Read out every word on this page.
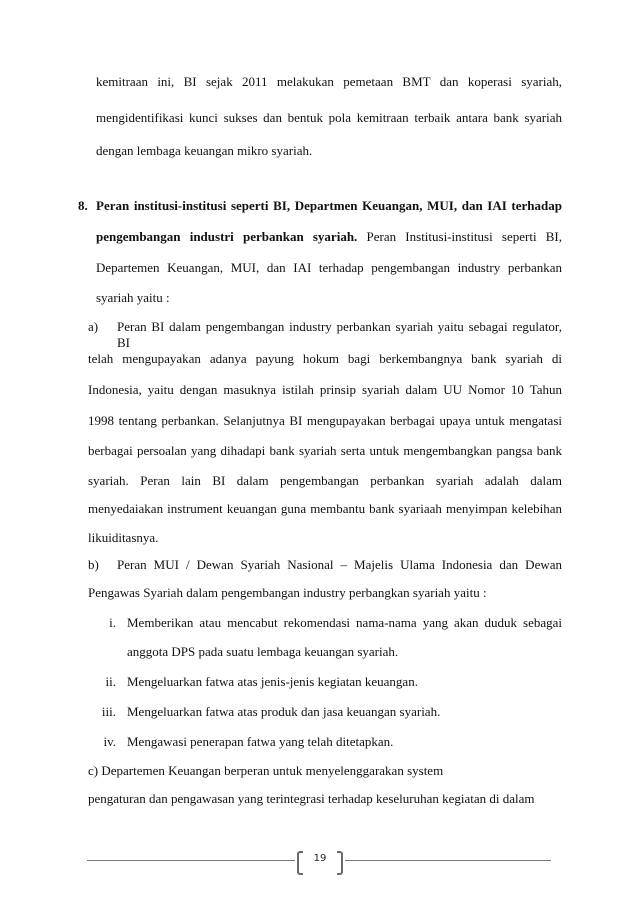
kemitraan ini, BI sejak 2011 melakukan pemetaan BMT dan koperasi syariah,
mengidentifikasi kunci sukses dan bentuk pola kemitraan terbaik antara bank syariah
dengan lembaga keuangan mikro syariah.
8. Peran institusi-institusi seperti BI, Departmen Keuangan, MUI, dan IAI terhadap
pengembangan industri perbankan syariah. Peran Institusi-institusi seperti BI,
Departemen Keuangan, MUI, dan IAI terhadap pengembangan industry perbankan
syariah yaitu :
a) Peran BI dalam pengembangan industry perbankan syariah yaitu sebagai regulator, BI
telah mengupayakan adanya payung hokum bagi berkembangnya bank syariah di
Indonesia, yaitu dengan masuknya istilah prinsip syariah dalam UU Nomor 10 Tahun
1998 tentang perbankan. Selanjutnya BI mengupayakan berbagai upaya untuk mengatasi
berbagai persoalan yang dihadapi bank syariah serta untuk mengembangkan pangsa bank
syariah. Peran lain BI dalam pengembangan perbankan syariah adalah dalam
menyedaiakan instrument keuangan guna membantu bank syariaah menyimpan kelebihan
likuiditasnya.
b) Peran MUI / Dewan Syariah Nasional – Majelis Ulama Indonesia dan Dewan
Pengawas Syariah dalam pengembangan industry perbangkan syariah yaitu :
i. Memberikan atau mencabut rekomendasi nama-nama yang akan duduk sebagai
anggota DPS pada suatu lembaga keuangan syariah.
ii. Mengeluarkan fatwa atas jenis-jenis kegiatan keuangan.
iii. Mengeluarkan fatwa atas produk dan jasa keuangan syariah.
iv. Mengawasi penerapan fatwa yang telah ditetapkan.
c) Departemen Keuangan berperan untuk menyelenggarakan system
pengaturan dan pengawasan yang terintegrasi terhadap keseluruhan kegiatan di dalam
19
